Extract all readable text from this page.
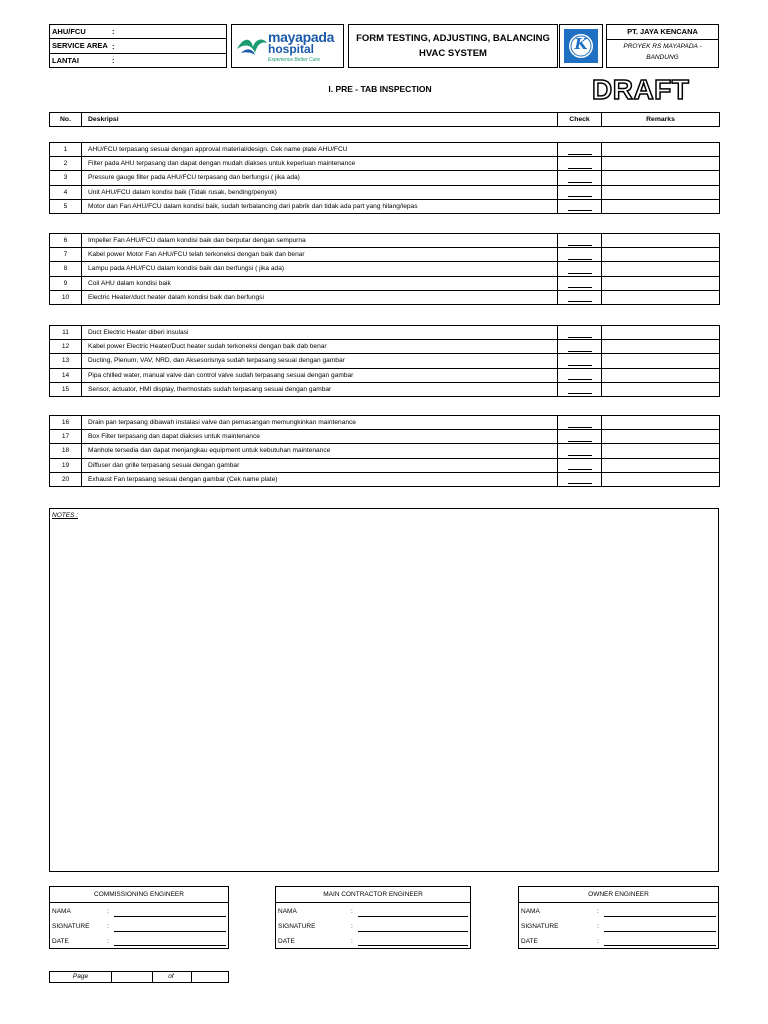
AHU/FCU	:
SERVICE AREA :
LANTAI	:
mayapada
hospital
Experience Better Care
FORM TESTING, ADJUSTING, BALANCING
HVAC SYSTEM
K
PT. JAYA KENCANA
PROYEK RS MAYAPADA -
BANDUNG
I. PRE - TAB INSPECTION	DRAFT
No.	Deskripsi	Check	Remarks
1	AHU/FCU terpasang sesuai dengan approval material/design. Cek name plate AHU/FCU	

2	Filter pada AHU terpasang dan dapat dengan mudah diakses untuk keperluan maintenance	

3	Pressure gauge filter pada AHU/FCU terpasang dan berfungsi ( jika ada)	

4	Unit AHU/FCU dalam kondisi baik (Tidak rusak, bending/penyok)	

5	Motor dan Fan AHU/FCU dalam kondisi baik, sudah terbalancing dari pabrik dan tidak ada part yang hilang/lepas	

6	Impeller Fan AHU/FCU dalam kondisi baik dan berputar dengan sempurna	

7	Kabel power Motor Fan AHU/FCU telah terkoneksi dengan baik dan benar	

8	Lampu pada AHU/FCU dalam kondisi baik dan berfungsi ( jika ada)	

9	Coil AHU dalam kondisi baik	

10	Electric Heater/duct heater dalam kondisi baik dan berfungsi	

11	Duct Electric Heater diberi insulasi	

12	Kabel power Electric Heater/Duct heater sudah terkoneksi dengan baik dab benar	

13	Ducting, Plenum, VAV, NRD, dan Aksesorisnya sudah terpasang sesuai dengan gambar	

14	Pipa chilled water, manual valve dan control valve sudah terpasang sesuai dengan gambar	

15	Sensor, actuator, HMI display, thermostats sudah terpasang sesuai dengan gambar	

16	Drain pan terpasang dibawah instalasi valve dan pemasangan memungkinkan maintenance	

17	Box Filter terpasang dan dapat diakses untuk maintenance	

18	Manhole tersedia dan dapat menjangkau equipment untuk kebutuhan maintenance	

19	Diffuser dan grille terpasang sesuai dengan gambar	

20	Exhaust Fan terpasang sesuai dengan gambar (Cek name plate)	

NOTES :
COMMISSIONING ENGINEER
NAMA	:
SIGNATURE	:
DATE	:
MAIN CONTRACTOR ENGINEER
NAMA	:
SIGNATURE	:
DATE	:
OWNER ENGINEER
NAMA	:
SIGNATURE	:
DATE	:
Page	of
